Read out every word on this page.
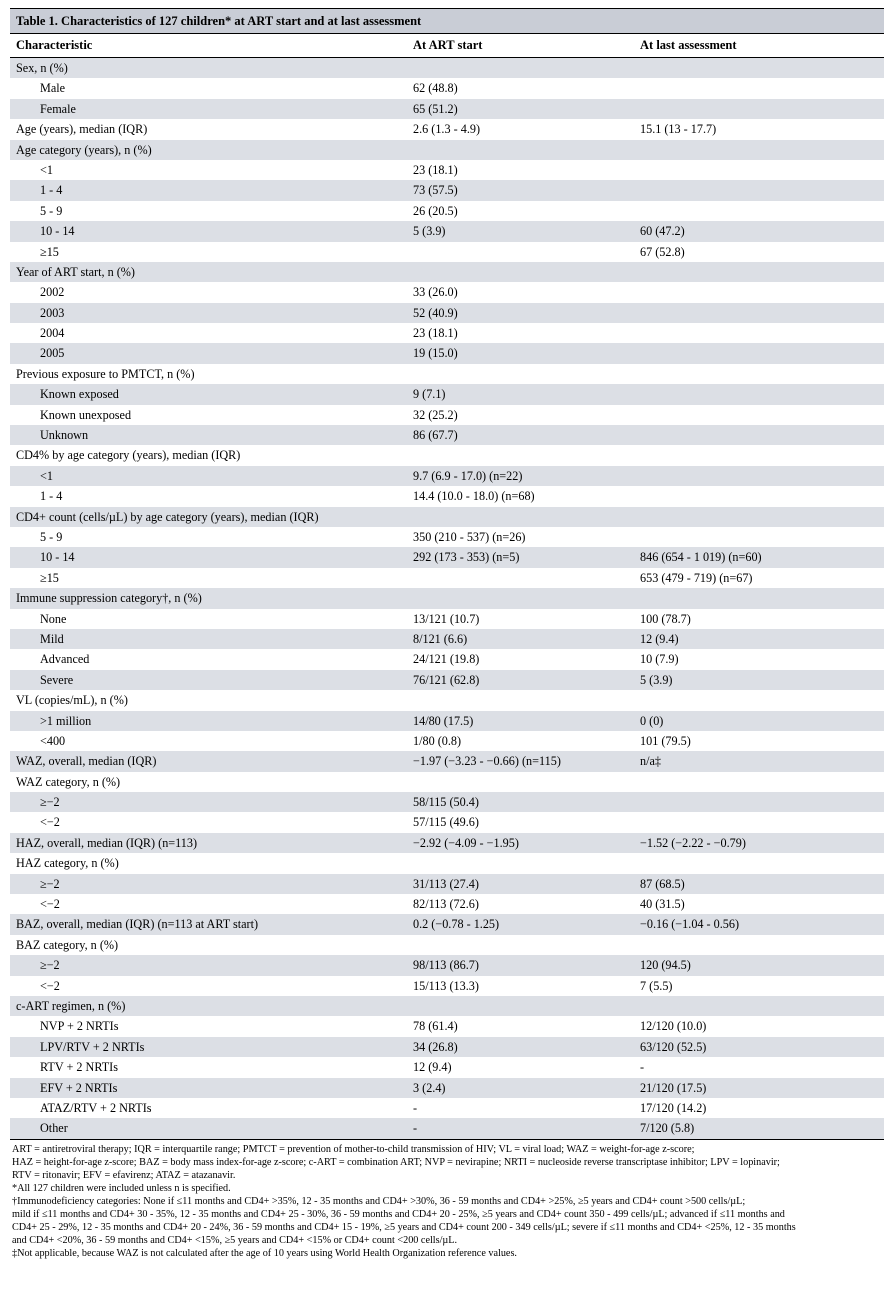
Table 1. Characteristics of 127 children* at ART start and at last assessment
Characteristic	At ART start	At last assessment
Sex, n (%)		
Male	62 (48.8)	
Female	65 (51.2)	
Age (years), median (IQR)	2.6 (1.3 - 4.9)	15.1 (13 - 17.7)
Age category (years), n (%)		
<1	23 (18.1)	
1 - 4	73 (57.5)	
5 - 9	26 (20.5)	
10 - 14	5 (3.9)	60 (47.2)
≥15		67 (52.8)
Year of ART start, n (%)		
2002	33 (26.0)	
2003	52 (40.9)	
2004	23 (18.1)	
2005	19 (15.0)	
Previous exposure to PMTCT, n (%)		
Known exposed	9 (7.1)	
Known unexposed	32 (25.2)	
Unknown	86 (67.7)	
CD4% by age category (years), median (IQR)		
<1	9.7 (6.9 - 17.0) (n=22)	
1 - 4	14.4 (10.0 - 18.0) (n=68)	
CD4+ count (cells/µL) by age category (years), median (IQR)		
5 - 9	350 (210 - 537) (n=26)	
10 - 14	292 (173 - 353) (n=5)	846 (654 - 1 019) (n=60)
≥15		653 (479 - 719) (n=67)
Immune suppression category†, n (%)		
None	13/121 (10.7)	100 (78.7)
Mild	8/121 (6.6)	12 (9.4)
Advanced	24/121 (19.8)	10 (7.9)
Severe	76/121 (62.8)	5 (3.9)
VL (copies/mL), n (%)		
>1 million	14/80 (17.5)	0 (0)
<400	1/80 (0.8)	101 (79.5)
WAZ, overall, median (IQR)	−1.97 (−3.23 - −0.66) (n=115)	n/a‡
WAZ category, n (%)		
≥−2	58/115 (50.4)	
<−2	57/115 (49.6)	
HAZ, overall, median (IQR) (n=113)	−2.92 (−4.09 - −1.95)	−1.52 (−2.22 - −0.79)
HAZ category, n (%)		
≥−2	31/113 (27.4)	87 (68.5)
<−2	82/113 (72.6)	40 (31.5)
BAZ, overall, median (IQR) (n=113 at ART start)	0.2 (−0.78 - 1.25)	−0.16 (−1.04 - 0.56)
BAZ category, n (%)		
≥−2	98/113 (86.7)	120 (94.5)
<−2	15/113 (13.3)	7 (5.5)
c-ART regimen, n (%)		
NVP + 2 NRTIs	78 (61.4)	12/120 (10.0)
LPV/RTV + 2 NRTIs	34 (26.8)	63/120 (52.5)
RTV + 2 NRTIs	12 (9.4)	-
EFV + 2 NRTIs	3 (2.4)	21/120 (17.5)
ATAZ/RTV + 2 NRTIs	-	17/120 (14.2)
Other	-	7/120 (5.8)

ART = antiretroviral therapy; IQR = interquartile range; PMTCT = prevention of mother-to-child transmission of HIV; VL = viral load; WAZ = weight-for-age z-score;

HAZ = height-for-age z-score; BAZ = body mass index-for-age z-score; c-ART = combination ART; NVP = nevirapine; NRTI = nucleoside reverse transcriptase inhibitor; LPV = lopinavir;

RTV = ritonavir; EFV = efavirenz; ATAZ = atazanavir.

*All 127 children were included unless n is specified.

†Immunodeficiency categories: None if ≤11 months and CD4+ >35%, 12 - 35 months and CD4+ >30%, 36 - 59 months and CD4+ >25%, ≥5 years and CD4+ count >500 cells/µL;

mild if ≤11 months and CD4+ 30 - 35%, 12 - 35 months and CD4+ 25 - 30%, 36 - 59 months and CD4+ 20 - 25%, ≥5 years and CD4+ count 350 - 499 cells/µL; advanced if ≤11 months and

CD4+ 25 - 29%, 12 - 35 months and CD4+ 20 - 24%, 36 - 59 months and CD4+ 15 - 19%, ≥5 years and CD4+ count 200 - 349 cells/µL; severe if ≤11 months and CD4+ <25%, 12 - 35 months

and CD4+ <20%, 36 - 59 months and CD4+ <15%, ≥5 years and CD4+ <15% or CD4+ count <200 cells/µL.

‡Not applicable, because WAZ is not calculated after the age of 10 years using World Health Organization reference values.
